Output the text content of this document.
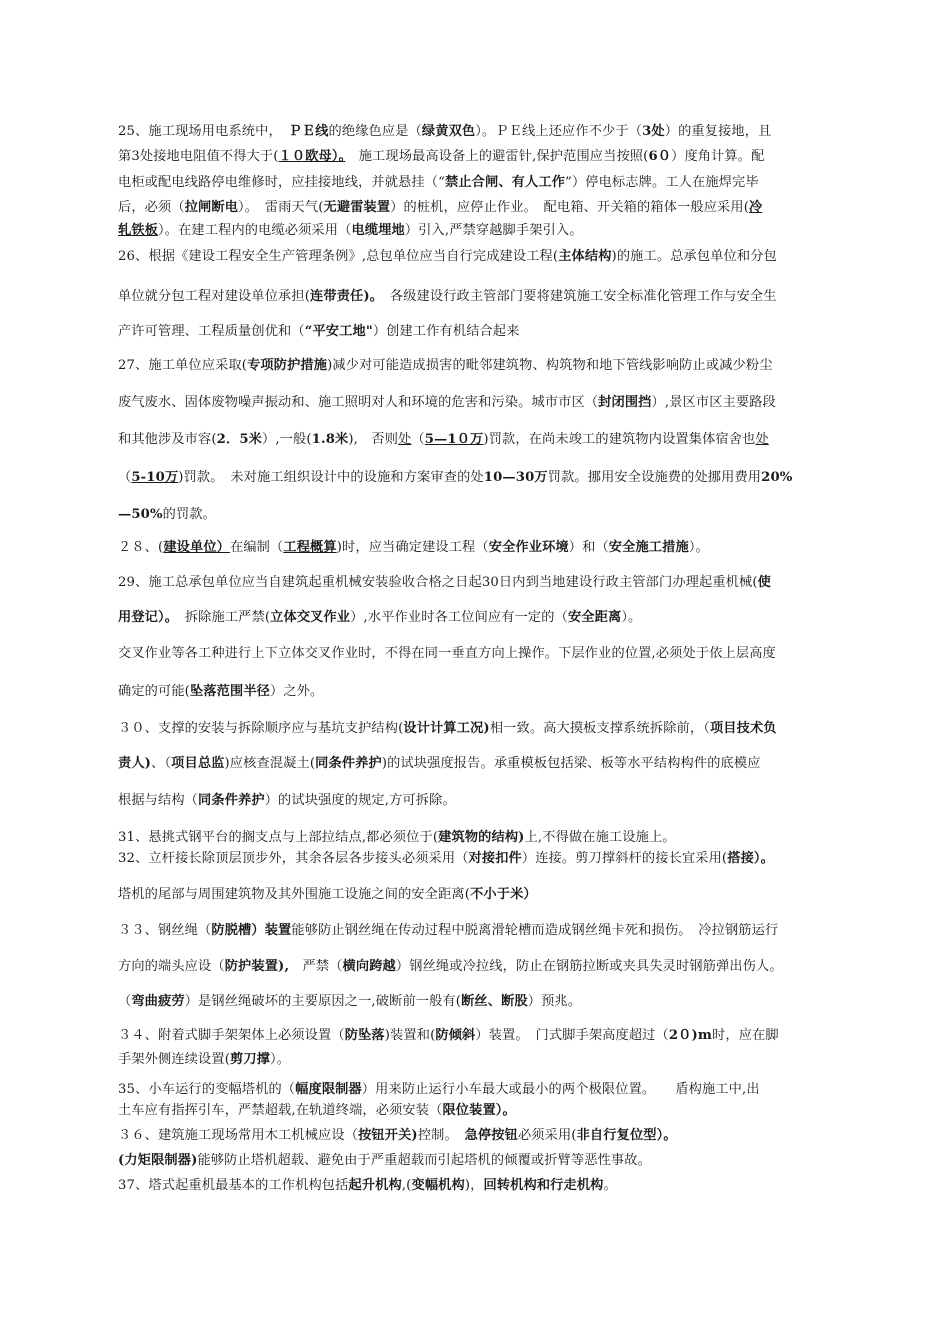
25、施工现场用电系统中，　ＰＥ线的绝缘色应是（绿黄双色）。ＰＥ线上还应作不少于（3处）的重复接地，且
第3处接地电阻值不得大于(１０欧母）。　施工现场最高设备上的避雷针,保护范围应当按照(6０）度角计算。配
电柜或配电线路停电维修时，应挂接地线，并就悬挂（“禁止合闸、有人工作”）停电标志牌。工人在施焊完毕
后，必须（拉闸断电）。　雷雨天气(无避雷装置）的桩机，应停止作业。　配电箱、开关箱的箱体一般应采用(冷
轧铁板）。在建工程内的电缆必须采用（电缆埋地）引入,严禁穿越脚手架引入。
26、根据《建设工程安全生产管理条例》,总包单位应当自行完成建设工程(主体结构)的施工。总承包单位和分包
单位就分包工程对建设单位承担(连带责任)。　各级建设行政主管部门要将建筑施工安全标准化管理工作与安全生
产许可管理、工程质量创优和（“平安工地"）创建工作有机结合起来
27、施工单位应采取(专项防护措施)减少对可能造成损害的毗邻建筑物、构筑物和地下管线影响防止或减少粉尘
废气废水、固体废物噪声振动和、施工照明对人和环境的危害和污染。城市市区（封闭围挡）,景区市区主要路段
和其他涉及市容(2．5米）,一般(1.8米),　否则处（5—1０万)罚款，在尚未竣工的建筑物内设置集体宿舍也处
（5-10万)罚款。　未对施工组织设计中的设施和方案审查的处10—30万罚款。挪用安全设施费的处挪用费用20%
—50%的罚款。
２８、(建设单位）在编制（工程概算)时，应当确定建设工程（安全作业环境）和（安全施工措施）。
29、施工总承包单位应当自建筑起重机械安装验收合格之日起30日内到当地建设行政主管部门办理起重机械(使
用登记）。　拆除施工严禁(立体交叉作业）,水平作业时各工位间应有一定的（安全距离）。
交叉作业等各工种进行上下立体交叉作业时，不得在同一垂直方向上操作。下层作业的位置,必须处于依上层高度
确定的可能(坠落范围半径）之外。
３０、支撑的安装与拆除顺序应与基坑支护结构(设计计算工况)相一致。高大摸板支撑系统拆除前，（项目技术负
责人)、（项目总监)应核查混凝土(同条件养护)的试块强度报告。承重模板包括梁、板等水平结构构件的底模应
根据与结构（同条件养护）的试块强度的规定,方可拆除。
31、悬挑式钢平台的搁支点与上部拉结点,都必须位于(建筑物的结构)上,不得做在施工设施上。
32、立杆接长除顶层顶步外，其余各层各步接头必须采用（对接扣件）连接。剪刀撑斜杆的接长宜采用(搭接）。
塔机的尾部与周围建筑物及其外围施工设施之间的安全距离(不小于米）
３３、钢丝绳（防脱槽）装置能够防止钢丝绳在传动过程中脱离滑轮槽而造成钢丝绳卡死和损伤。　冷拉钢筋运行
方向的端头应设（防护装置),　严禁（横向跨越）钢丝绳或冷拉线，防止在钢筋拉断或夹具失灵时钢筋弹出伤人。
（弯曲疲劳）是钢丝绳破坏的主要原因之一,破断前一般有(断丝、断股）预兆。
３４、附着式脚手架架体上必须设置（防坠落)装置和(防倾斜）装置。　门式脚手架高度超过（2０)m时，应在脚
手架外侧连续设置(剪刀撑）。
35、小车运行的变幅塔机的（幅度限制器）用来防止运行小车最大或最小的两个极限位置。　　盾构施工中,出
土车应有指挥引车，严禁超载,在轨道终端，必须安装（限位装置）。
３６、建筑施工现场常用木工机械应设（按钮开关)控制。　急停按钮必须采用(非自行复位型）。
(力矩限制器)能够防止塔机超载、避免由于严重超载而引起塔机的倾覆或折臂等恶性事故。
37、塔式起重机最基本的工作机构包括起升机构,(变幅机构)，回转机构和行走机构。
